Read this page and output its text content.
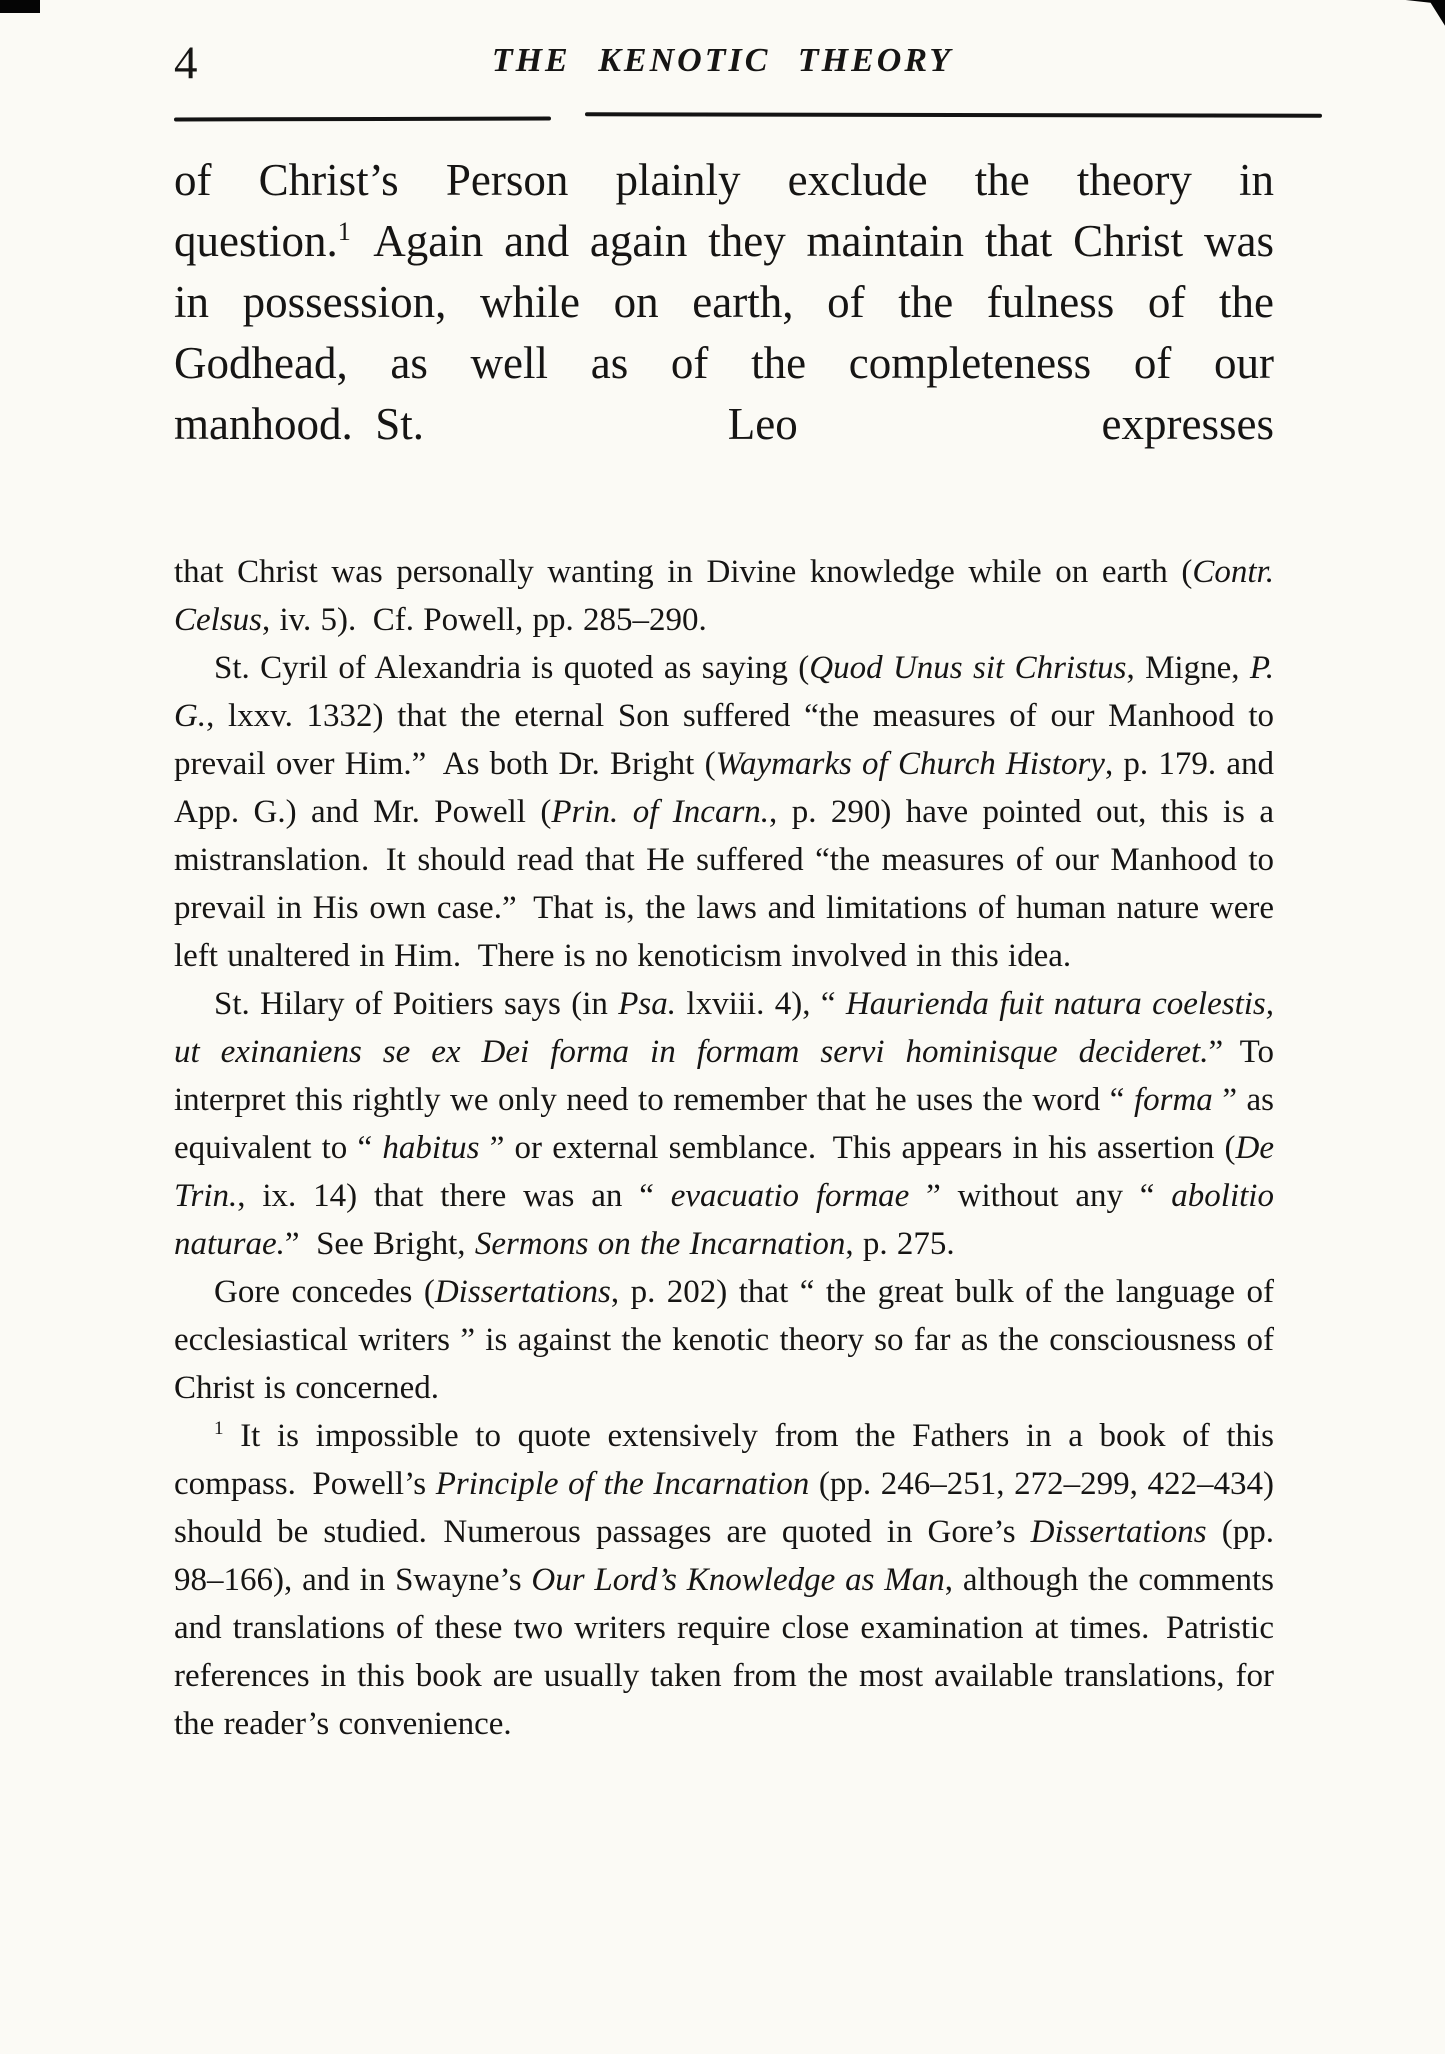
4	THE KENOTIC THEORY
of Christ’s Person plainly exclude the theory in question.$^1$ Again and again they maintain that Christ was in possession, while on earth, of the fulness of the Godhead, as well as of the completeness of our manhood. St. Leo expresses

that Christ was personally wanting in Divine knowledge while on earth (Contr. Celsus, iv. 5). Cf. Powell, pp. 285–290.

St. Cyril of Alexandria is quoted as saying (Quod Unus sit Christus, Migne, P. G., lxxv. 1332) that the eternal Son suffered “the measures of our Manhood to prevail over Him.” As both Dr. Bright (Waymarks of Church History, p. 179. and App. G.) and Mr. Powell (Prin. of Incarn., p. 290) have pointed out, this is a mistranslation. It should read that He suffered “the measures of our Manhood to prevail in His own case.” That is, the laws and limitations of human nature were left unaltered in Him. There is no kenoticism involved in this idea.

St. Hilary of Poitiers says (in Psa. lxviii. 4), “ Haurienda fuit natura coelestis, ut exinaniens se ex Dei forma in formam servi hominisque decideret.” To interpret this rightly we only need to remember that he uses the word “ forma ” as equivalent to “ habitus ” or external semblance. This appears in his assertion (De Trin., ix. 14) that there was an “ evacuatio formae ” without any “ abolitio naturae.” See Bright, Sermons on the Incarnation, p. 275.

Gore concedes (Dissertations, p. 202) that “ the great bulk of the language of ecclesiastical writers ” is against the kenotic theory so far as the consciousness of Christ is concerned.

$^1$ It is impossible to quote extensively from the Fathers in a book of this compass. Powell’s Principle of the Incarnation (pp. 246–251, 272–299, 422–434) should be studied. Numerous passages are quoted in Gore’s Dissertations (pp. 98–166), and in Swayne’s Our Lord’s Knowledge as Man, although the comments and translations of these two writers require close examination at times. Patristic references in this book are usually taken from the most available translations, for the reader’s convenience.
